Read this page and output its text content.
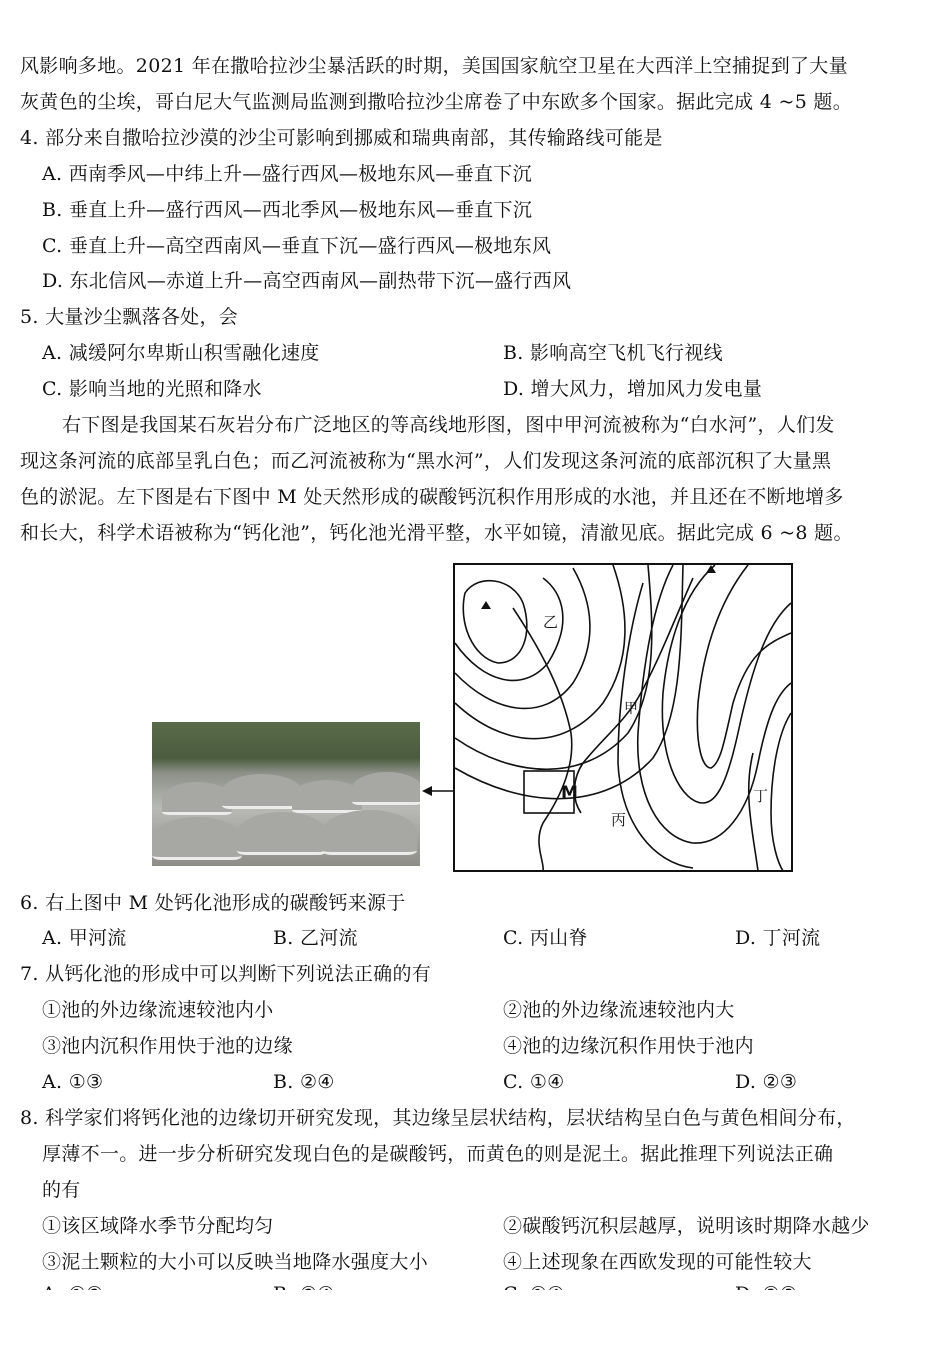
风影响多地。2021 年在撒哈拉沙尘暴活跃的时期，美国国家航空卫星在大西洋上空捕捉到了大量
灰黄色的尘埃，哥白尼大气监测局监测到撒哈拉沙尘席卷了中东欧多个国家。据此完成 4 ~5 题。
4. 部分来自撒哈拉沙漠的沙尘可影响到挪威和瑞典南部，其传输路线可能是
A. 西南季风—中纬上升—盛行西风—极地东风—垂直下沉
B. 垂直上升—盛行西风—西北季风—极地东风—垂直下沉
C. 垂直上升—高空西南风—垂直下沉—盛行西风—极地东风
D. 东北信风—赤道上升—高空西南风—副热带下沉—盛行西风
5. 大量沙尘飘落各处，会
A. 减缓阿尔卑斯山积雪融化速度	B. 影响高空飞机飞行视线
C. 影响当地的光照和降水	D. 增大风力，增加风力发电量
右下图是我国某石灰岩分布广泛地区的等高线地形图，图中甲河流被称为“白水河”，人们发
现这条河流的底部呈乳白色；而乙河流被称为“黑水河”，人们发现这条河流的底部沉积了大量黑
色的淤泥。左下图是右下图中 M 处天然形成的碳酸钙沉积作用形成的水池，并且还在不断地增多
和长大，科学术语被称为“钙化池”，钙化池光滑平整，水平如镜，清澈见底。据此完成 6 ~8 题。
乙
甲
M
丙
丁
6. 右上图中 M 处钙化池形成的碳酸钙来源于
A. 甲河流	B. 乙河流	C. 丙山脊	D. 丁河流
7. 从钙化池的形成中可以判断下列说法正确的有
①池的外边缘流速较池内小	②池的外边缘流速较池内大
③池内沉积作用快于池的边缘	④池的边缘沉积作用快于池内
A. ①③	B. ②④	C. ①④	D. ②③
8. 科学家们将钙化池的边缘切开研究发现，其边缘呈层状结构，层状结构呈白色与黄色相间分布，
厚薄不一。进一步分析研究发现白色的是碳酸钙，而黄色的则是泥土。据此推理下列说法正确
的有
①该区域降水季节分配均匀	②碳酸钙沉积层越厚，说明该时期降水越少
③泥土颗粒的大小可以反映当地降水强度大小	④上述现象在西欧发现的可能性较大
